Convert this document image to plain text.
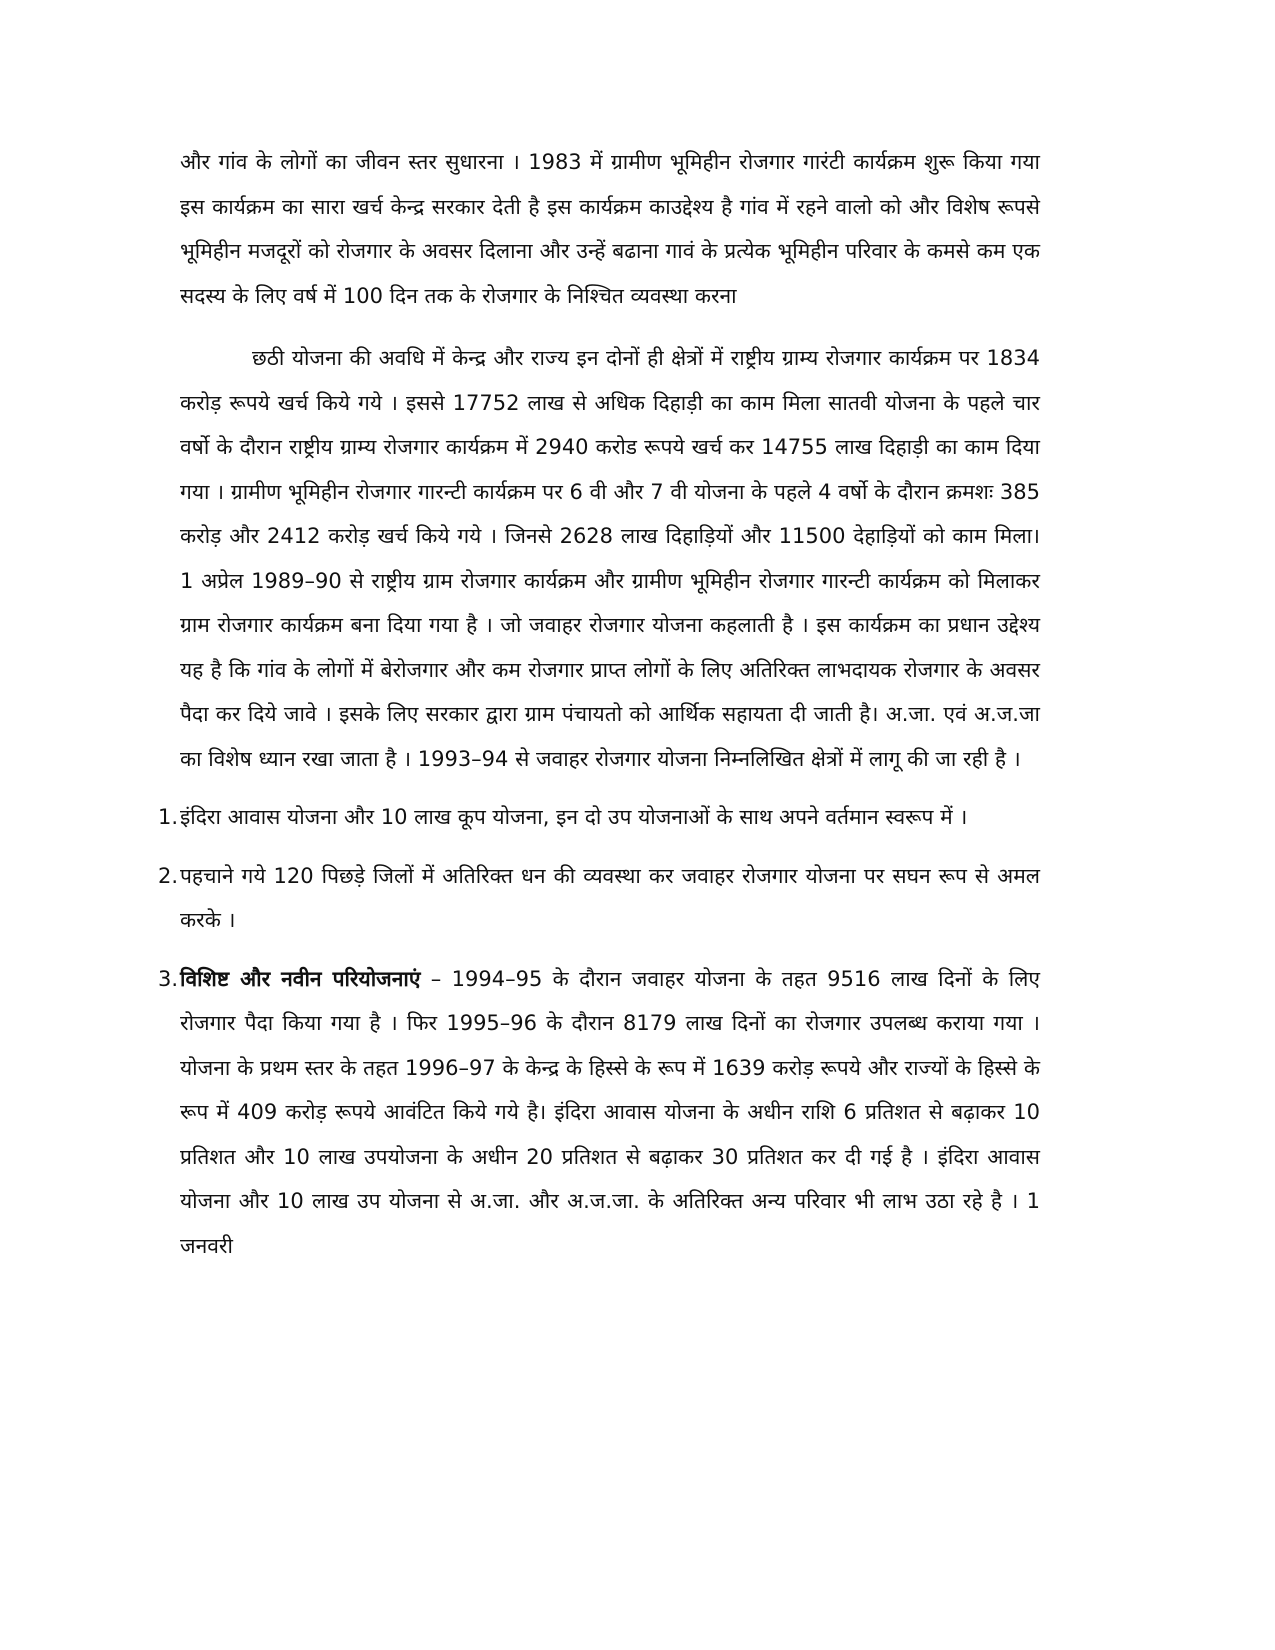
और गांव के लोगों का जीवन स्तर सुधारना । 1983 में ग्रामीण भूमिहीन रोजगार गारंटी कार्यक्रम शुरू किया गया इस कार्यक्रम का सारा खर्च केन्द्र सरकार देती है इस कार्यक्रम काउद्देश्य है गांव में रहने वालो को और विशेष रूपसे भूमिहीन मजदूरों को रोजगार के अवसर दिलाना और उन्हें बढाना गावं के प्रत्येक भूमिहीन परिवार के कमसे कम एक सदस्य के लिए वर्ष में 100 दिन तक के रोजगार के निश्चित व्यवस्था करना

छठी योजना की अवधि में केन्द्र और राज्य इन दोनों ही क्षेत्रों में राष्ट्रीय ग्राम्य रोजगार कार्यक्रम पर 1834 करोड़ रूपये खर्च किये गये । इससे 17752 लाख से अधिक दिहाड़ी का काम मिला सातवी योजना के पहले चार वर्षो के दौरान राष्ट्रीय ग्राम्य रोजगार कार्यक्रम में 2940 करोड रूपये खर्च कर 14755 लाख दिहाड़ी का काम दिया गया । ग्रामीण भूमिहीन रोजगार गारन्टी कार्यक्रम पर 6 वी और 7 वी योजना के पहले 4 वर्षो के दौरान क्रमशः 385 करोड़ और 2412 करोड़ खर्च किये गये । जिनसे 2628 लाख दिहाड़ियों और 11500 देहाड़ियों को काम मिला। 1 अप्रेल 1989–90 से राष्ट्रीय ग्राम रोजगार कार्यक्रम और ग्रामीण भूमिहीन रोजगार गारन्टी कार्यक्रम को मिलाकर ग्राम रोजगार कार्यक्रम बना दिया गया है । जो जवाहर रोजगार योजना कहलाती है । इस कार्यक्रम का प्रधान उद्देश्य यह है कि गांव के लोगों में बेरोजगार और कम रोजगार प्राप्त लोगों के लिए अतिरिक्त लाभदायक रोजगार के अवसर पैदा कर दिये जावे । इसके लिए सरकार द्वारा ग्राम पंचायतो को आर्थिक सहायता दी जाती है। अ.जा. एवं अ.ज.जा का विशेष ध्यान रखा जाता है । 1993–94 से जवाहर रोजगार योजना निम्नलिखित क्षेत्रों में लागू की जा रही है ।

1. इंदिरा आवास योजना और 10 लाख कूप योजना, इन दो उप योजनाओं के साथ अपने वर्तमान स्वरूप में ।
2. पहचाने गये 120 पिछड़े जिलों में अतिरिक्त धन की व्यवस्था कर जवाहर रोजगार योजना पर सघन रूप से अमल करके ।
3. विशिष्ट और नवीन परियोजनाएं – 1994–95 के दौरान जवाहर योजना के तहत 9516 लाख दिनों के लिए रोजगार पैदा किया गया है । फिर 1995–96 के दौरान 8179 लाख दिनों का रोजगार उपलब्ध कराया गया । योजना के प्रथम स्तर के तहत 1996–97 के केन्द्र के हिस्से के रूप में 1639 करोड़ रूपये और राज्यों के हिस्से के रूप में 409 करोड़ रूपये आवंटित किये गये है। इंदिरा आवास योजना के अधीन राशि 6 प्रतिशत से बढ़ाकर 10 प्रतिशत और 10 लाख उपयोजना के अधीन 20 प्रतिशत से बढ़ाकर 30 प्रतिशत कर दी गई है । इंदिरा आवास योजना और 10 लाख उप योजना से अ.जा. और अ.ज.जा. के अतिरिक्त अन्य परिवार भी लाभ उठा रहे है । 1 जनवरी
